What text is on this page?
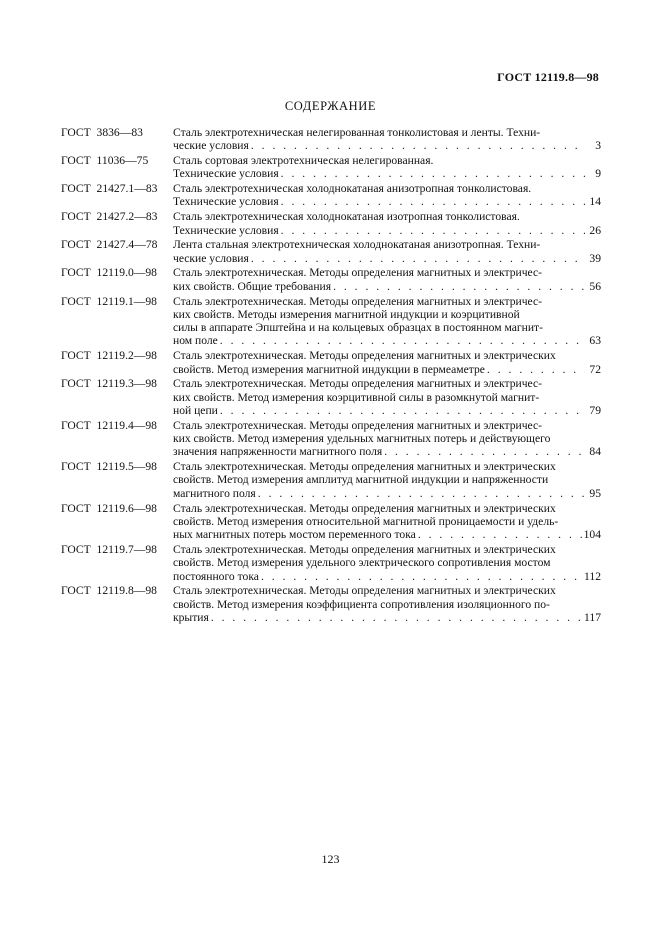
ГОСТ 12119.8—98
СОДЕРЖАНИЕ
ГОСТ  3836—83	Сталь электротехническая нелегированная тонколистовая и ленты. Техни-
ческие условия . . .	3
ГОСТ  11036—75	Сталь сортовая электротехническая нелегированная.
Технические условия . . .	9
ГОСТ  21427.1—83	Сталь электротехническая холоднокатаная анизотропная тонколистовая.
Технические условия . . .	14
ГОСТ  21427.2—83	Сталь электротехническая холоднокатаная изотропная тонколистовая.
Технические условия . . .	26
ГОСТ  21427.4—78	Лента стальная электротехническая холоднокатаная анизотропная. Техни-
ческие условия . . .	39
ГОСТ  12119.0—98	Сталь электротехническая. Методы определения магнитных и электричес-
ких свойств. Общие требования . . .	56
ГОСТ  12119.1—98	Сталь электротехническая. Методы определения магнитных и электричес-
ких свойств. Методы измерения магнитной индукции и коэрцитивной
силы в аппарате Эпштейна и на кольцевых образцах в постоянном магнит-
ном поле . . .	63
ГОСТ  12119.2—98	Сталь электротехническая. Методы определения магнитных и электрических
свойств. Метод измерения магнитной индукции в пермеаметре . . .	72
ГОСТ  12119.3—98	Сталь электротехническая. Методы определения магнитных и электричес-
ких свойств. Метод измерения коэрцитивной силы в разомкнутой магнит-
ной цепи . . .	79
ГОСТ  12119.4—98	Сталь электротехническая. Методы определения магнитных и электричес-
ких свойств. Метод измерения удельных магнитных потерь и действующего
значения напряженности магнитного поля . . .	84
ГОСТ  12119.5—98	Сталь электротехническая. Методы определения магнитных и электрических
свойств. Метод измерения амплитуд магнитной индукции и напряженности
магнитного поля . . .	95
ГОСТ  12119.6—98	Сталь электротехническая. Методы определения магнитных и электрических
свойств. Метод измерения относительной магнитной проницаемости и удель-
ных магнитных потерь мостом переменного тока . . .	104
ГОСТ  12119.7—98	Сталь электротехническая. Методы определения магнитных и электрических
свойств. Метод измерения удельного электрического сопротивления мостом
постоянного тока . . .	112
ГОСТ  12119.8—98	Сталь электротехническая. Методы определения магнитных и электрических
свойств. Метод измерения коэффициента сопротивления изоляционного по-
крытия . . .	117
123
